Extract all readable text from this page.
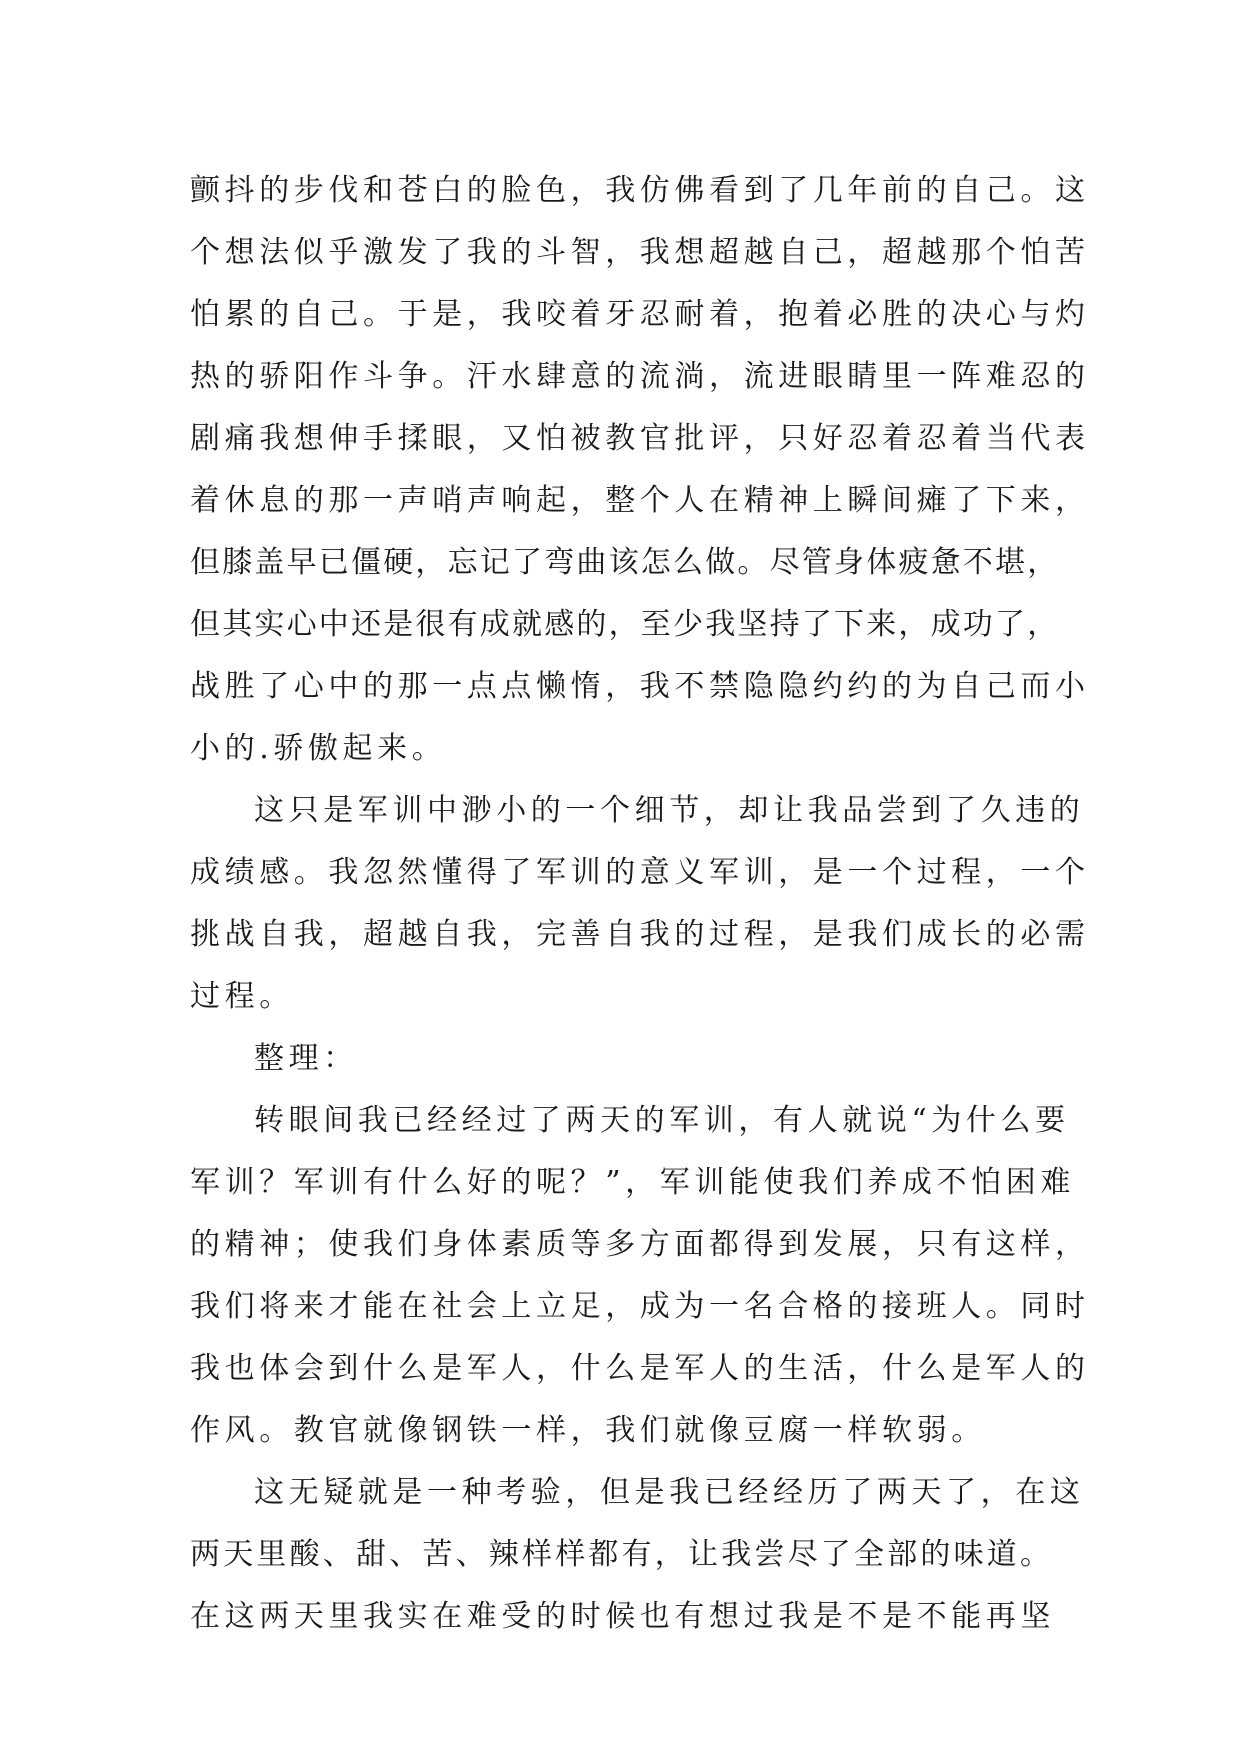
颤抖的步伐和苍白的脸色，我仿佛看到了几年前的自己。这
个想法似乎激发了我的斗智，我想超越自己，超越那个怕苦
怕累的自己。于是，我咬着牙忍耐着，抱着必胜的决心与灼
热的骄阳作斗争。汗水肆意的流淌，流进眼睛里一阵难忍的
剧痛我想伸手揉眼，又怕被教官批评，只好忍着忍着当代表
着休息的那一声哨声响起，整个人在精神上瞬间瘫了下来，
但膝盖早已僵硬，忘记了弯曲该怎么做。尽管身体疲惫不堪，
但其实心中还是很有成就感的，至少我坚持了下来，成功了，
战胜了心中的那一点点懒惰，我不禁隐隐约约的为自己而小
小的.骄傲起来。
这只是军训中渺小的一个细节，却让我品尝到了久违的
成绩感。我忽然懂得了军训的意义军训，是一个过程，一个
挑战自我，超越自我，完善自我的过程，是我们成长的必需
过程。
整理：
转眼间我已经经过了两天的军训，有人就说“为什么要
军训？军训有什么好的呢？”，军训能使我们养成不怕困难
的精神；使我们身体素质等多方面都得到发展，只有这样，
我们将来才能在社会上立足，成为一名合格的接班人。同时
我也体会到什么是军人，什么是军人的生活，什么是军人的
作风。教官就像钢铁一样，我们就像豆腐一样软弱。
这无疑就是一种考验，但是我已经经历了两天了，在这
两天里酸、甜、苦、辣样样都有，让我尝尽了全部的味道。
在这两天里我实在难受的时候也有想过我是不是不能再坚
